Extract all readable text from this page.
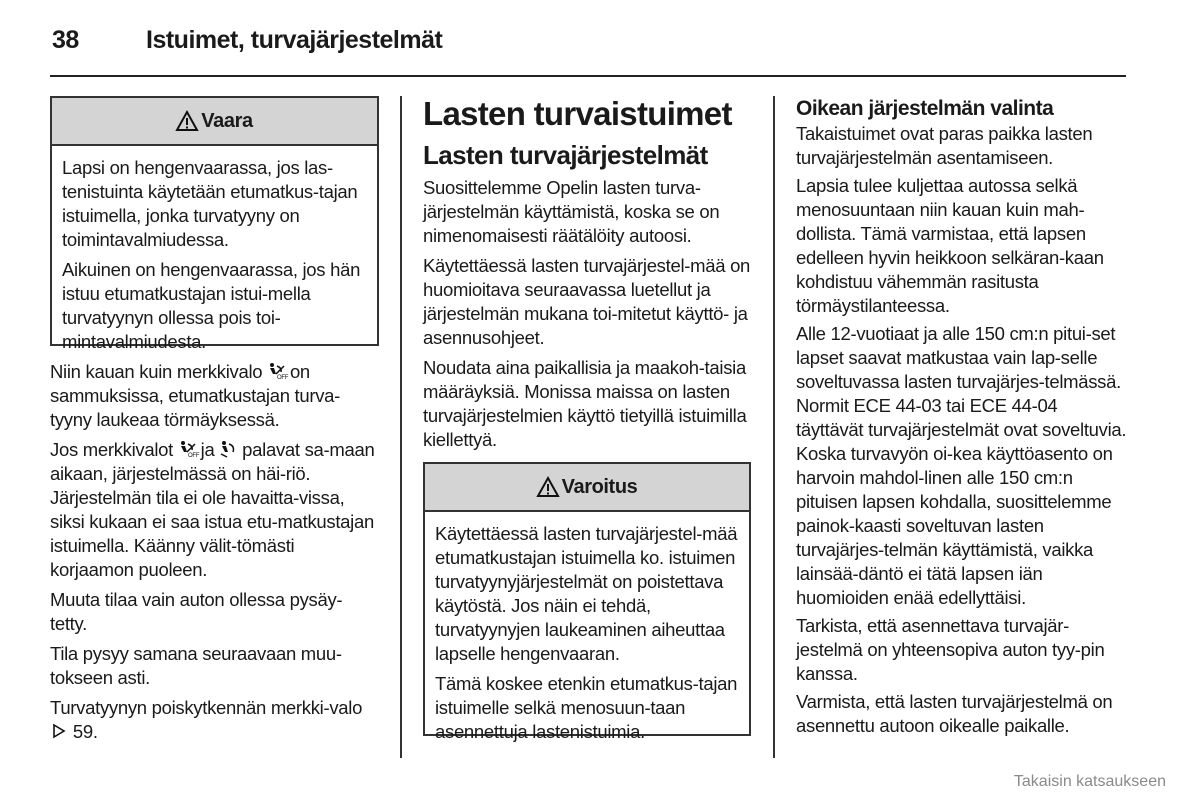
38	Istuimet, turvajärjestelmät
Vaara

Lapsi on hengenvaarassa, jos las-tenistuinta käytetään etumatkus-tajan istuimella, jonka turvatyyny on toimintavalmiudessa.

Aikuinen on hengenvaarassa, jos hän istuu etumatkustajan istui-mella turvatyynyn ollessa pois toi-mintavalmiudesta.

Niin kauan kuin merkkivalo OFF on sammuksissa, etumatkustajan turva-tyyny laukeaa törmäyksessä.

Jos merkkivalot OFF ja palavat sa-maan aikaan, järjestelmässä on häi-riö. Järjestelmän tila ei ole havaitta-vissa, siksi kukaan ei saa istua etu-matkustajan istuimella. Käänny välit-tömästi korjaamon puoleen.

Muuta tilaa vain auton ollessa pysäy-tetty.

Tila pysyy samana seuraavaan muu-tokseen asti.

Turvatyynyn poiskytkennän merkki-valo  59.

Lasten turvaistuimet
Lasten turvajärjestelmät

Suosittelemme Opelin lasten turva-järjestelmän käyttämistä, koska se on nimenomaisesti räätälöity autoosi.

Käytettäessä lasten turvajärjestel-mää on huomioitava seuraavassa luetellut ja järjestelmän mukana toi-mitetut käyttö- ja asennusohjeet.

Noudata aina paikallisia ja maakoh-taisia määräyksiä. Monissa maissa on lasten turvajärjestelmien käyttö tietyillä istuimilla kiellettyä.

Varoitus

Käytettäessä lasten turvajärjestel-mää etumatkustajan istuimella ko. istuimen turvatyynyjärjestelmät on poistettava käytöstä. Jos näin ei tehdä, turvatyynyjen laukeaminen aiheuttaa lapselle hengenvaaran.

Tämä koskee etenkin etumatkus-tajan istuimelle selkä menosuun-taan asennettuja lastenistuimia.

Oikean järjestelmän valinta

Takaistuimet ovat paras paikka lasten turvajärjestelmän asentamiseen.

Lapsia tulee kuljettaa autossa selkä menosuuntaan niin kauan kuin mah-dollista. Tämä varmistaa, että lapsen edelleen hyvin heikkoon selkäran-kaan kohdistuu vähemmän rasitusta törmäystilanteessa.

Alle 12-vuotiaat ja alle 150 cm:n pitui-set lapset saavat matkustaa vain lap-selle soveltuvassa lasten turvajärjes-telmässä. Normit ECE 44-03 tai ECE 44-04 täyttävät turvajärjestelmät ovat soveltuvia. Koska turvavyön oi-kea käyttöasento on harvoin mahdol-linen alle 150 cm:n pituisen lapsen kohdalla, suosittelemme painok-kaasti soveltuvan lasten turvajärjes-telmän käyttämistä, vaikka lainsää-däntö ei tätä lapsen iän huomioiden enää edellyttäisi.

Tarkista, että asennettava turvajär-jestelmä on yhteensopiva auton tyy-pin kanssa.

Varmista, että lasten turvajärjestelmä on asennettu autoon oikealle paikalle.

Takaisin katsaukseen
